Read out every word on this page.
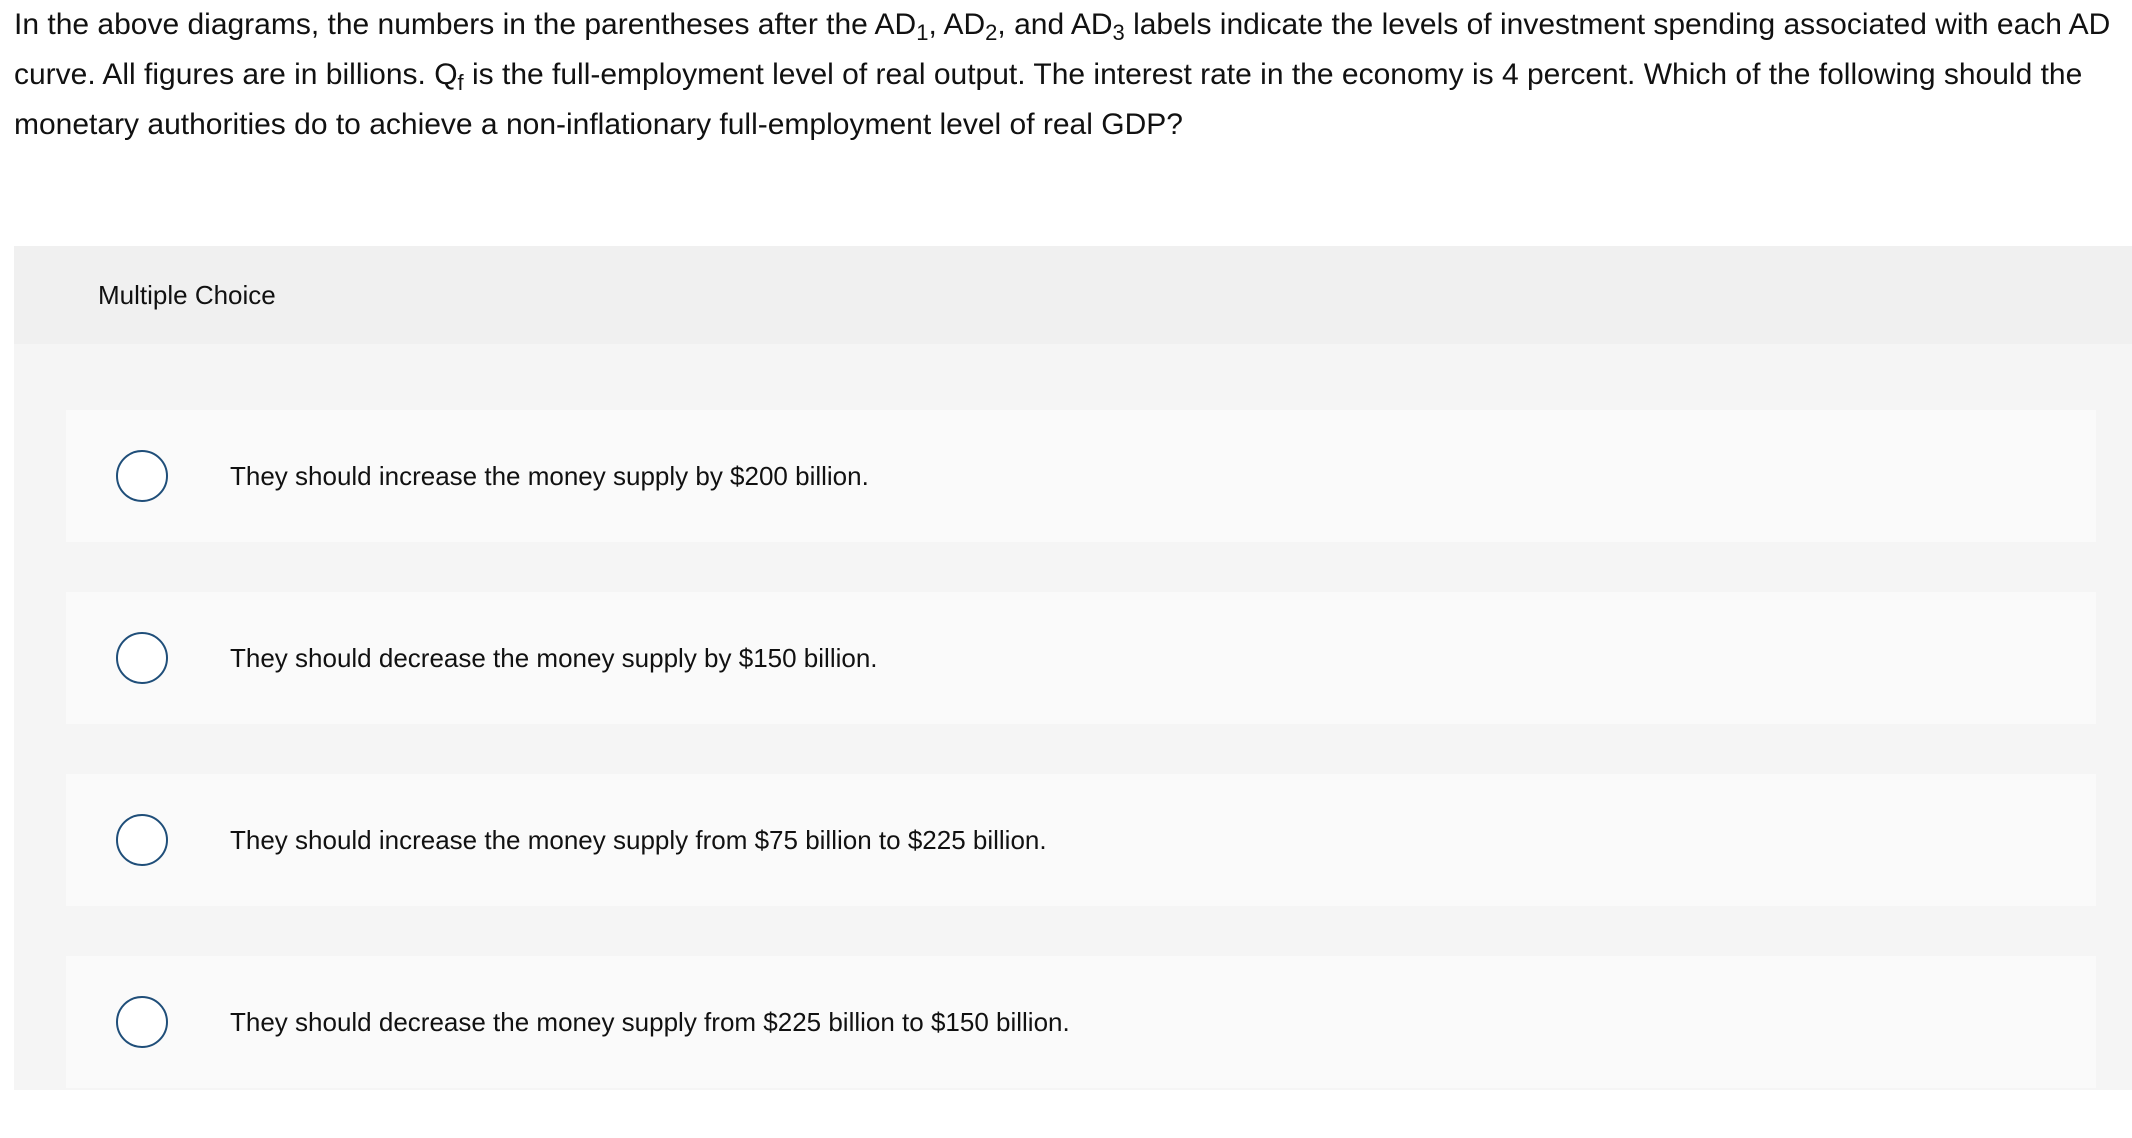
In the above diagrams, the numbers in the parentheses after the $AD_1$, $AD_2$, and $AD_3$ labels indicate the levels of investment spending associated with each AD curve. All figures are in billions. $Q_f$ is the full-employment level of real output. The interest rate in the economy is 4 percent. Which of the following should the monetary authorities do to achieve a non-inflationary full-employment level of real GDP?
Multiple Choice
They should increase the money supply by $200 billion.
They should decrease the money supply by $150 billion.
They should increase the money supply from $75 billion to $225 billion.
They should decrease the money supply from $225 billion to $150 billion.
